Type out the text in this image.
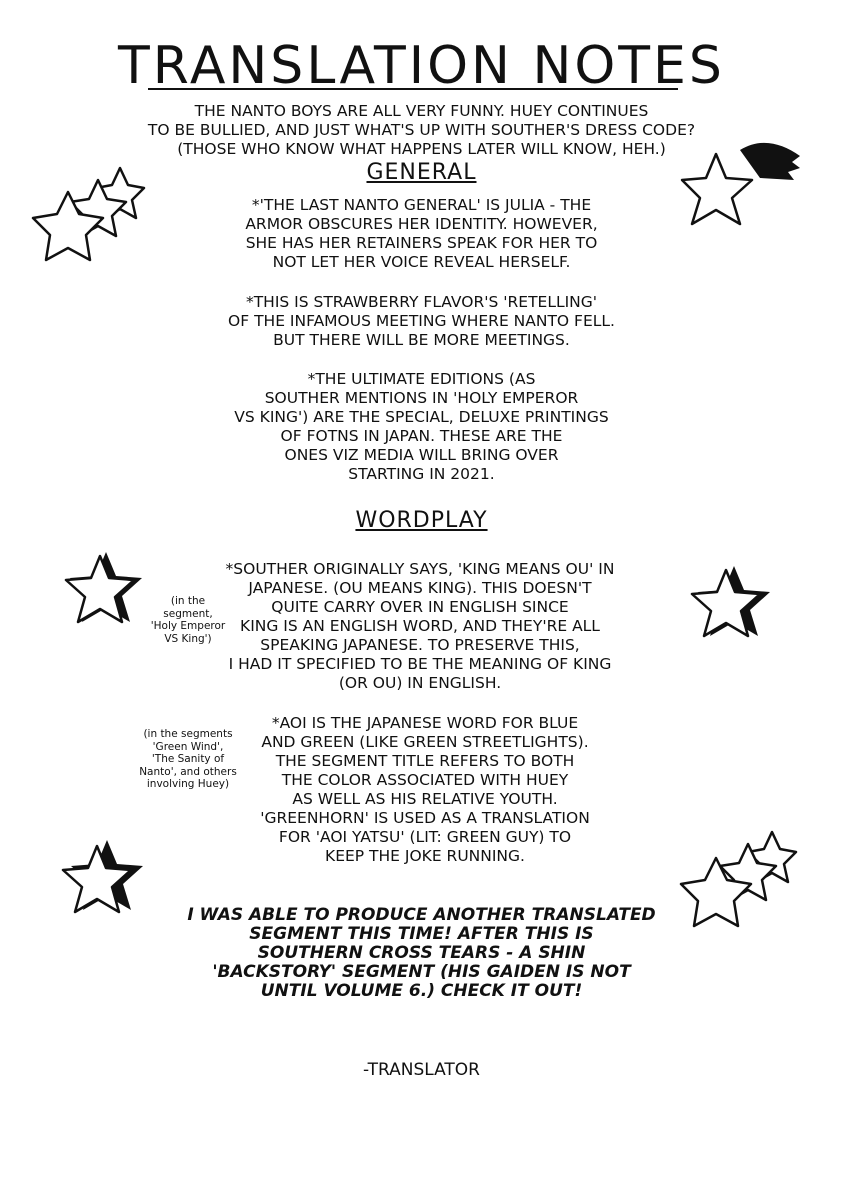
TRANSLATION NOTES

THE NANTO BOYS ARE ALL VERY FUNNY. HUEY CONTINUES

TO BE BULLIED, AND JUST WHAT'S UP WITH SOUTHER'S DRESS CODE?

(THOSE WHO KNOW WHAT HAPPENS LATER WILL KNOW, HEH.)

GENERAL

*'THE LAST NANTO GENERAL' IS JULIA - THE

ARMOR OBSCURES HER IDENTITY. HOWEVER,

SHE HAS HER RETAINERS SPEAK FOR HER TO

NOT LET HER VOICE REVEAL HERSELF.

*THIS IS STRAWBERRY FLAVOR'S 'RETELLING'

OF THE INFAMOUS MEETING WHERE NANTO FELL.

BUT THERE WILL BE MORE MEETINGS.

*THE ULTIMATE EDITIONS (AS

SOUTHER MENTIONS IN 'HOLY EMPEROR

VS KING') ARE THE SPECIAL, DELUXE PRINTINGS

OF FOTNS IN JAPAN. THESE ARE THE

ONES VIZ MEDIA WILL BRING OVER

STARTING IN 2021.

WORDPLAY

*SOUTHER ORIGINALLY SAYS, 'KING MEANS OU' IN

JAPANESE. (OU MEANS KING). THIS DOESN'T

QUITE CARRY OVER IN ENGLISH SINCE

KING IS AN ENGLISH WORD, AND THEY'RE ALL

SPEAKING JAPANESE. TO PRESERVE THIS,

I HAD IT SPECIFIED TO BE THE MEANING OF KING

(OR OU) IN ENGLISH.

(in the
segment,
'Holy Emperor
VS King')

*AOI IS THE JAPANESE WORD FOR BLUE

AND GREEN (LIKE GREEN STREETLIGHTS).

THE SEGMENT TITLE REFERS TO BOTH

THE COLOR ASSOCIATED WITH HUEY

AS WELL AS HIS RELATIVE YOUTH.

'GREENHORN' IS USED AS A TRANSLATION

FOR 'AOI YATSU' (LIT: GREEN GUY) TO

KEEP THE JOKE RUNNING.

(in the segments
'Green Wind',
'The Sanity of
Nanto', and others
involving Huey)
I WAS ABLE TO PRODUCE ANOTHER TRANSLATED
SEGMENT THIS TIME! AFTER THIS IS
SOUTHERN CROSS TEARS - A SHIN
'BACKSTORY' SEGMENT (HIS GAIDEN IS NOT
UNTIL VOLUME 6.) CHECK IT OUT!
-TRANSLATOR
